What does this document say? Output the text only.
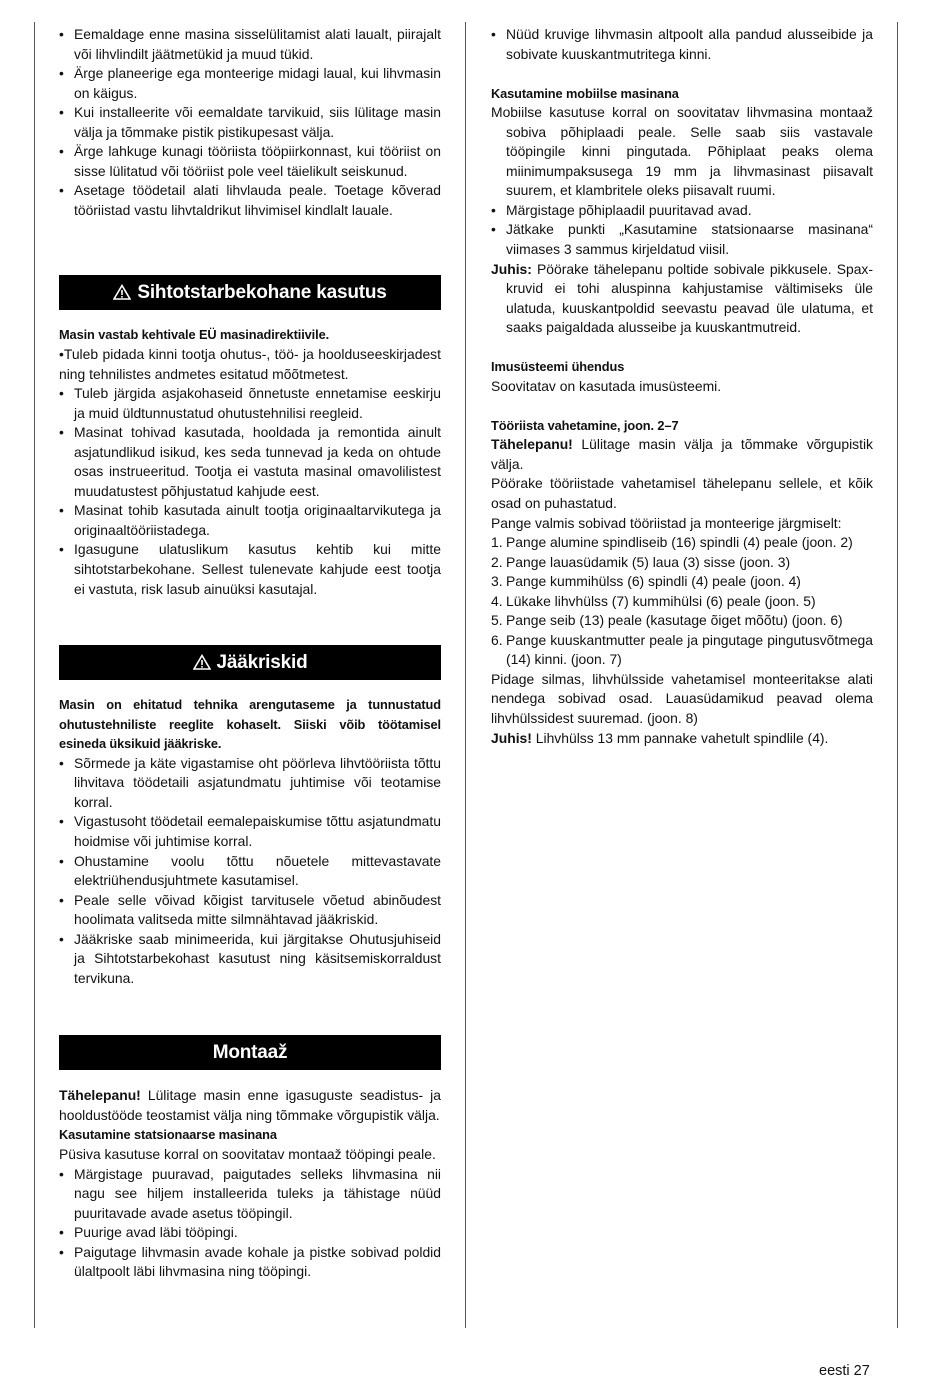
• Eemaldage enne masina sisselülitamist alati laualt, piirajalt või lihvlindilt jäätmetükid ja muud tükid.

• Ärge planeerige ega monteerige midagi laual, kui lihvmasin on käigus.

• Kui installeerite või eemaldate tarvikuid, siis lülitage masin välja ja tõmmake pistik pistikupesast välja.

• Ärge lahkuge kunagi tööriista tööpiirkonnast, kui tööriist on sisse lülitatud või tööriist pole veel täielikult seiskunud.

• Asetage töödetail alati lihvlauda peale. Toetage kõverad tööriistad vastu lihvtaldrikut lihvimisel kindlalt lauale.

Sihtotstarbekohane kasutus

Masin vastab kehtivale EÜ masinadirektiivile.

•Tuleb pidada kinni tootja ohutus-, töö- ja hoolduseeskirjadest ning tehnilistes andmetes esitatud mõõtmetest.

• Tuleb järgida asjakohaseid õnnetuste ennetamise eeskirju ja muid üldtunnustatud ohutustehnilisi reegleid.

• Masinat tohivad kasutada, hooldada ja remontida ainult asjatundlikud isikud, kes seda tunnevad ja keda on ohtude osas instrueeritud. Tootja ei vastuta masinal omavolilistest muudatustest põhjustatud kahjude eest.

• Masinat tohib kasutada ainult tootja originaaltarvikutega ja originaaltööriistadega.

• Igasugune ulatuslikum kasutus kehtib kui mitte sihtotstarbekohane. Sellest tulenevate kahjude eest tootja ei vastuta, risk lasub ainuüksi kasutajal.

Jääkriskid

Masin on ehitatud tehnika arengutaseme ja tunnustatud ohutustehniliste reeglite kohaselt. Siiski võib töötamisel esineda üksikuid jääkriske.

• Sõrmede ja käte vigastamise oht pöörleva lihvtööriista tõttu lihvitava töödetaili asjatundmatu juhtimise või teotamise korral.

• Vigastusoht töödetail eemalepaiskumise tõttu asjatundmatu hoidmise või juhtimise korral.

• Ohustamine voolu tõttu nõuetele mittevastavate elektriühendusjuhtmete kasutamisel.

• Peale selle võivad kõigist tarvitusele võetud abinõudest hoolimata valitseda mitte silmnähtavad jääkriskid.

• Jääkriske saab minimeerida, kui järgitakse Ohutusjuhiseid ja Sihtotstarbekohast kasutust ning käsitsemiskorraldust tervikuna.

Montaaž

Tähelepanu! Lülitage masin enne igasuguste seadistus- ja hooldustööde teostamist välja ning tõmmake võrgupistik välja.

Kasutamine statsionaarse masinana

Püsiva kasutuse korral on soovitatav montaaž tööpingi peale.

• Märgistage puuravad, paigutades selleks lihvmasina nii nagu see hiljem installeerida tuleks ja tähistage nüüd puuritavade avade asetus tööpingil.

• Puurige avad läbi tööpingi.

• Paigutage lihvmasin avade kohale ja pistke sobivad poldid ülaltpoolt läbi lihvmasina ning tööpingi.

• Nüüd kruvige lihvmasin altpoolt alla pandud alusseibide ja sobivate kuuskantmutritega kinni.

Kasutamine mobiilse masinana

Mobiilse kasutuse korral on soovitatav lihvmasina montaaž sobiva põhiplaadi peale. Selle saab siis vastavale tööpingile kinni pingutada. Põhiplaat peaks olema miinimumpaksusega 19 mm ja lihvmasinast piisavalt suurem, et klambritele oleks piisavalt ruumi.

• Märgistage põhiplaadil puuritavad avad.

• Jätkake punkti „Kasutamine statsionaarse masinana“ viimases 3 sammus kirjeldatud viisil.

Juhis: Pöörake tähelepanu poltide sobivale pikkusele. Spax-kruvid ei tohi aluspinna kahjustamise vältimiseks üle ulatuda, kuuskantpoldid seevastu peavad üle ulatuma, et saaks paigaldada alusseibe ja kuuskantmutreid.

Imusüsteemi ühendus

Soovitatav on kasutada imusüsteemi.

Tööriista vahetamine, joon. 2–7

Tähelepanu! Lülitage masin välja ja tõmmake võrgupistik välja.

Pöörake tööriistade vahetamisel tähelepanu sellele, et kõik osad on puhastatud.

Pange valmis sobivad tööriistad ja monteerige järgmiselt:

1. Pange alumine spindliseib (16) spindli (4) peale (joon. 2)

2. Pange lauasüdamik (5) laua (3) sisse (joon. 3)

3. Pange kummihülss (6) spindli (4) peale (joon. 4)

4. Lükake lihvhülss (7) kummihülsi (6) peale (joon. 5)

5. Pange seib (13) peale (kasutage õiget mõõtu) (joon. 6)

6. Pange kuuskantmutter peale ja pingutage pingutusvõtmega (14) kinni. (joon. 7)

Pidage silmas, lihvhülsside vahetamisel monteeritakse alati nendega sobivad osad. Lauasüdamikud peavad olema lihvhülssidest suuremad. (joon. 8)

Juhis! Lihvhülss 13 mm pannake vahetult spindlile (4).

eesti 27
